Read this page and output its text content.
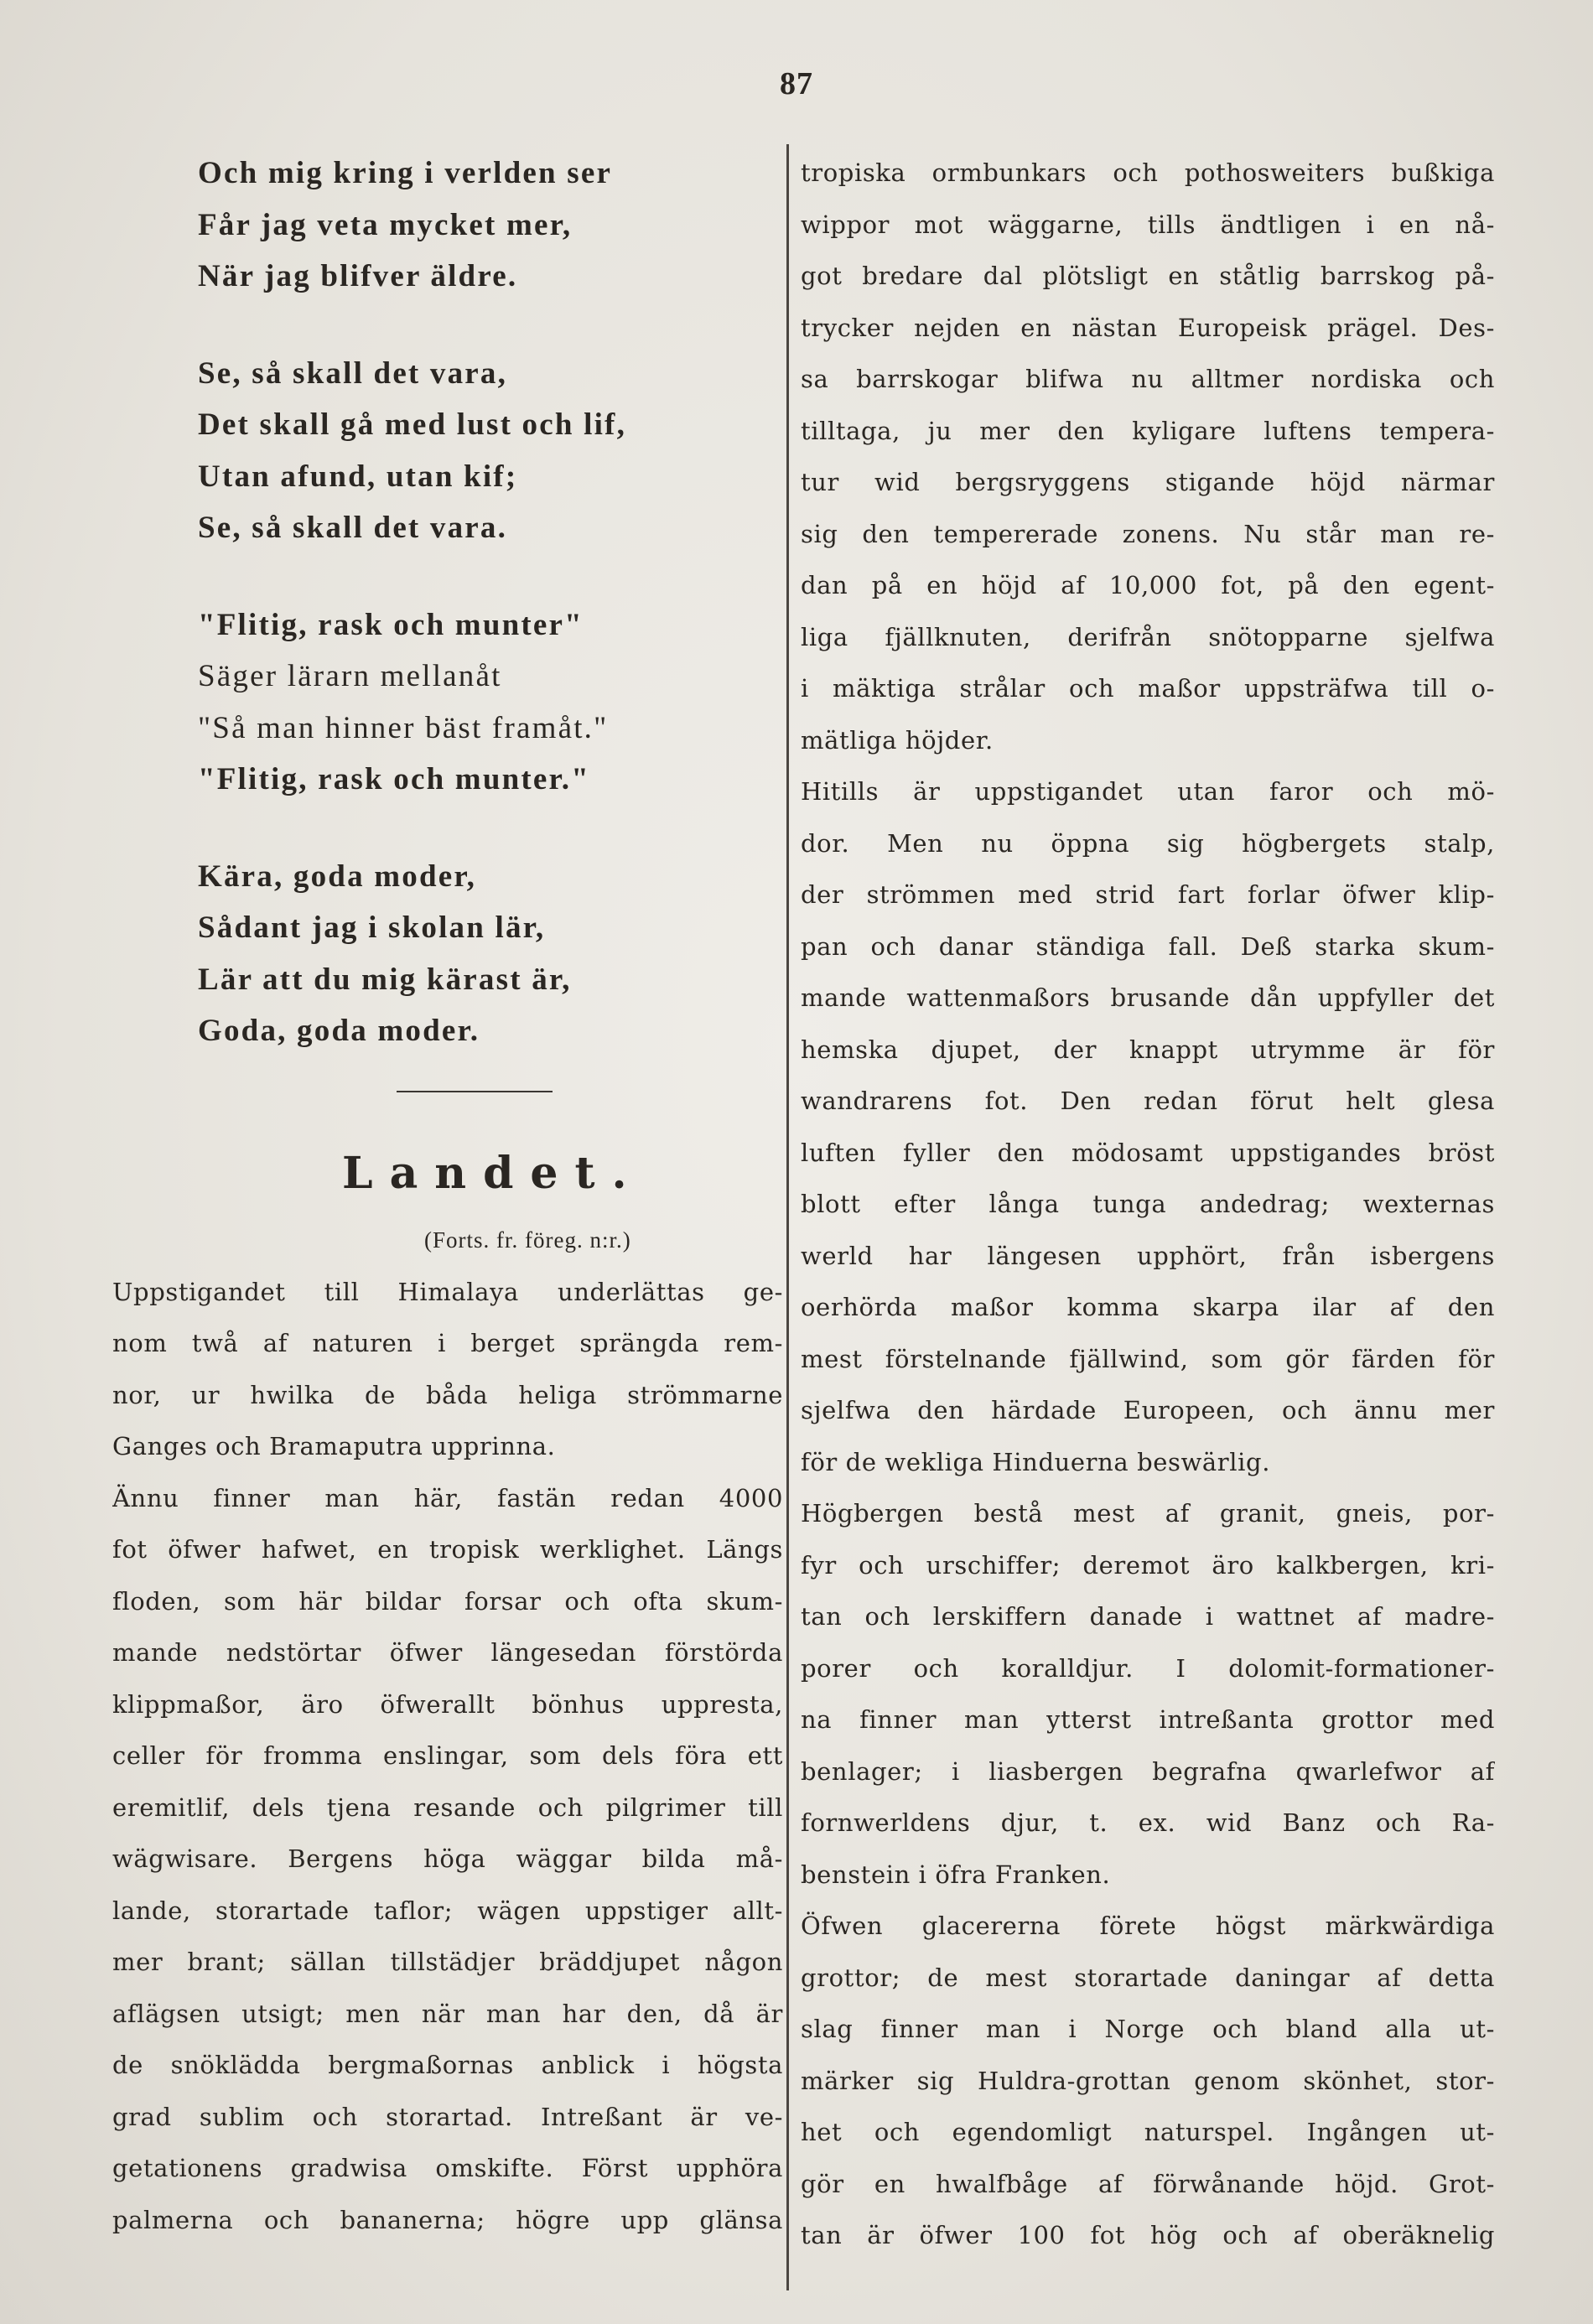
87
Och mig kring i verlden ser
Får jag veta mycket mer,
När jag blifver äldre.
Se, så skall det vara,
Det skall gå med lust och lif,
Utan afund, utan kif;
Se, så skall det vara.
"Flitig, rask och munter"
Säger lärarn mellanåt
"Så man hinner bäst framåt."
"Flitig, rask och munter."
Kära, goda moder,
Sådant jag i skolan lär,
Lär att du mig kärast är,
Goda, goda moder.
Landet.
(Forts. fr. föreg. n:r.)
Uppstigandet till Himalaya underlättas ge-
nom twå af naturen i berget sprängda rem-
nor, ur hwilka de båda heliga strömmarne
Ganges och Bramaputra upprinna.
Ännu finner man här, fastän redan 4000
fot öfwer hafwet, en tropisk werklighet. Längs
floden, som här bildar forsar och ofta skum-
mande nedstörtar öfwer längesedan förstörda
klippmaßor, äro öfwerallt bönhus uppresta,
celler för fromma enslingar, som dels föra ett
eremitlif, dels tjena resande och pilgrimer till
wägwisare. Bergens höga wäggar bilda må-
lande, storartade taflor; wägen uppstiger allt-
mer brant; sällan tillstädjer bräddjupet någon
aflägsen utsigt; men när man har den, då är
de snöklädda bergmaßornas anblick i högsta
grad sublim och storartad. Intreßant är ve-
getationens gradwisa omskifte. Först upphöra
palmerna och bananerna; högre upp glänsa
tropiska ormbunkars och pothosweiters bußkiga
wippor mot wäggarne, tills ändtligen i en nå-
got bredare dal plötsligt en ståtlig barrskog på-
trycker nejden en nästan Europeisk prägel. Des-
sa barrskogar blifwa nu alltmer nordiska och
tilltaga, ju mer den kyligare luftens tempera-
tur wid bergsryggens stigande höjd närmar
sig den tempererade zonens. Nu står man re-
dan på en höjd af 10,000 fot, på den egent-
liga fjällknuten, derifrån snötopparne sjelfwa
i mäktiga strålar och maßor uppsträfwa till o-
mätliga höjder.
Hitills är uppstigandet utan faror och mö-
dor. Men nu öppna sig högbergets stalp,
der strömmen med strid fart forlar öfwer klip-
pan och danar ständiga fall. Deß starka skum-
mande wattenmaßors brusande dån uppfyller det
hemska djupet, der knappt utrymme är för
wandrarens fot. Den redan förut helt glesa
luften fyller den mödosamt uppstigandes bröst
blott efter långa tunga andedrag; wexternas
werld har längesen upphört, från isbergens
oerhörda maßor komma skarpa ilar af den
mest förstelnande fjällwind, som gör färden för
sjelfwa den härdade Europeen, och ännu mer
för de wekliga Hinduerna beswärlig.
Högbergen bestå mest af granit, gneis, por-
fyr och urschiffer; deremot äro kalkbergen, kri-
tan och lerskiffern danade i wattnet af madre-
porer och koralldjur. I dolomit-formationer-
na finner man ytterst intreßanta grottor med
benlager; i liasbergen begrafna qwarlefwor af
fornwerldens djur, t. ex. wid Banz och Ra-
benstein i öfra Franken.
Öfwen glacererna förete högst märkwärdiga
grottor; de mest storartade daningar af detta
slag finner man i Norge och bland alla ut-
märker sig Huldra-grottan genom skönhet, stor-
het och egendomligt naturspel. Ingången ut-
gör en hwalfbåge af förwånande höjd. Grot-
tan är öfwer 100 fot hög och af oberäknelig
